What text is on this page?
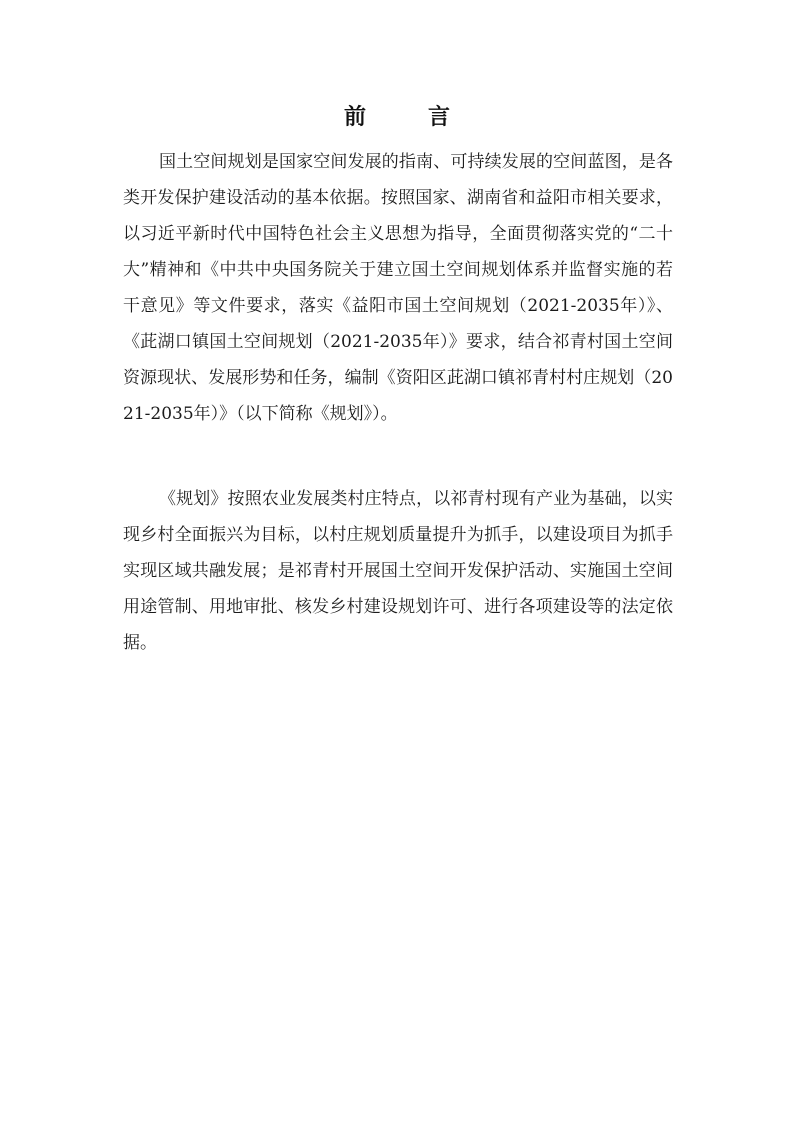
前　言

国土空间规划是国家空间发展的指南、可持续发展的空间蓝图，是各类开发保护建设活动的基本依据。按照国家、湖南省和益阳市相关要求，以习近平新时代中国特色社会主义思想为指导，全面贯彻落实党的“二十大”精神和《中共中央国务院关于建立国土空间规划体系并监督实施的若干意见》等文件要求，落实《益阳市国土空间规划（2021-2035年）》、《茈湖口镇国土空间规划（2021-2035年）》要求，结合祁青村国土空间资源现状、发展形势和任务，编制《资阳区茈湖口镇祁青村村庄规划（2021-2035年）》（以下简称《规划》）。

《规划》按照农业发展类村庄特点，以祁青村现有产业为基础，以实现乡村全面振兴为目标，以村庄规划质量提升为抓手，以建设项目为抓手实现区域共融发展；是祁青村开展国土空间开发保护活动、实施国土空间用途管制、用地审批、核发乡村建设规划许可、进行各项建设等的法定依据。
